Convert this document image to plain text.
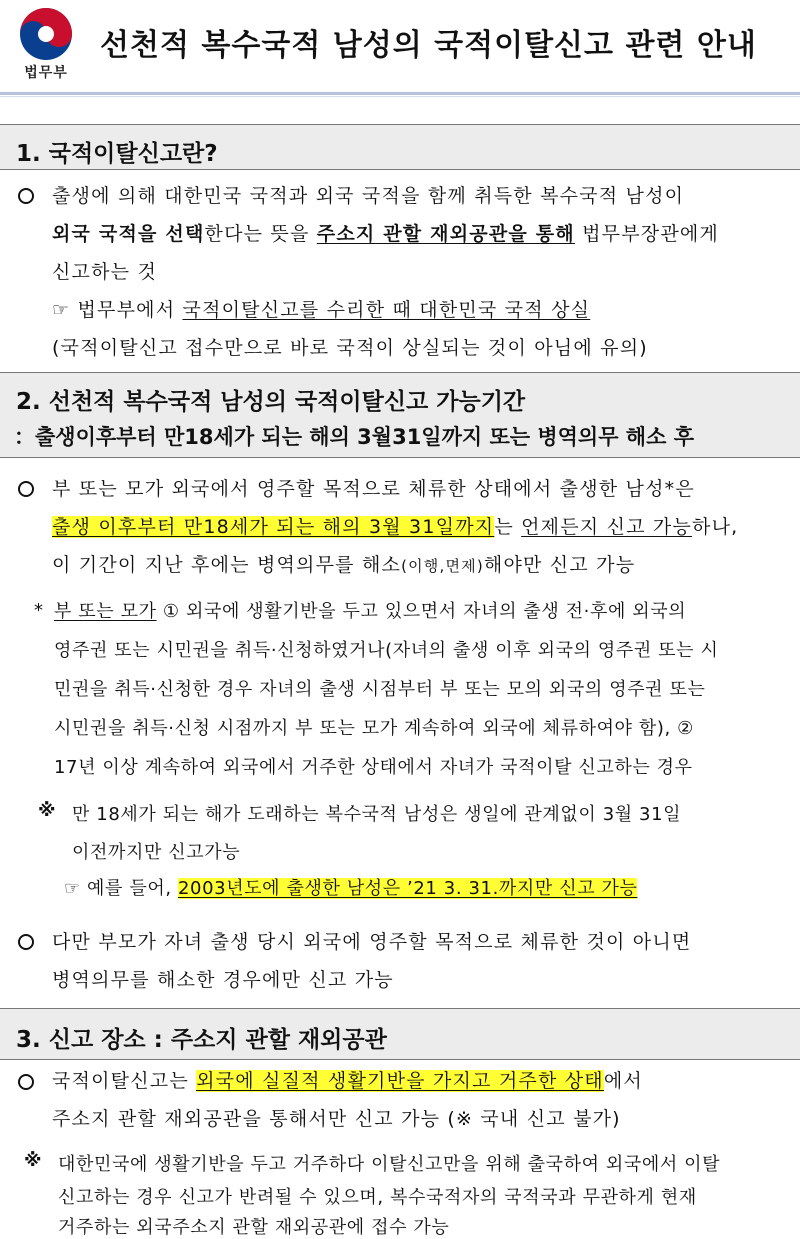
법무부
선천적 복수국적 남성의 국적이탈신고 관련 안내
1. 국적이탈신고란?
출생에 의해 대한민국 국적과 외국 국적을 함께 취득한 복수국적 남성이
외국 국적을 선택한다는 뜻을 주소지 관할 재외공관을 통해 법무부장관에게
신고하는 것
☞ 법무부에서 국적이탈신고를 수리한 때 대한민국 국적 상실
(국적이탈신고 접수만으로 바로 국적이 상실되는 것이 아님에 유의)
2. 선천적 복수국적 남성의 국적이탈신고 가능기간
：출생이후부터 만18세가 되는 해의 3월31일까지 또는 병역의무 해소 후
부 또는 모가 외국에서 영주할 목적으로 체류한 상태에서 출생한 남성*은
출생 이후부터 만18세가 되는 해의 3월 31일까지는 언제든지 신고 가능하나,
이 기간이 지난 후에는 병역의무를 해소(이행,면제)해야만 신고 가능
* 부 또는 모가 ① 외국에 생활기반을 두고 있으면서 자녀의 출생 전·후에 외국의
영주권 또는 시민권을 취득·신청하였거나(자녀의 출생 이후 외국의 영주권 또는 시
민권을 취득·신청한 경우 자녀의 출생 시점부터 부 또는 모의 외국의 영주권 또는
시민권을 취득·신청 시점까지 부 또는 모가 계속하여 외국에 체류하여야 함), ②
17년 이상 계속하여 외국에서 거주한 상태에서 자녀가 국적이탈 신고하는 경우
※ 만 18세가 되는 해가 도래하는 복수국적 남성은 생일에 관계없이 3월 31일
이전까지만 신고가능
☞ 예를 들어, 2003년도에 출생한 남성은 ’21 3. 31.까지만 신고 가능
다만 부모가 자녀 출생 당시 외국에 영주할 목적으로 체류한 것이 아니면
병역의무를 해소한 경우에만 신고 가능
3. 신고 장소 : 주소지 관할 재외공관
국적이탈신고는 외국에 실질적 생활기반을 가지고 거주한 상태에서
주소지 관할 재외공관을 통해서만 신고 가능 (※ 국내 신고 불가)
※ 대한민국에 생활기반을 두고 거주하다 이탈신고만을 위해 출국하여 외국에서 이탈
신고하는 경우 신고가 반려될 수 있으며, 복수국적자의 국적국과 무관하게 현재
거주하는 외국주소지 관할 재외공관에 접수 가능
